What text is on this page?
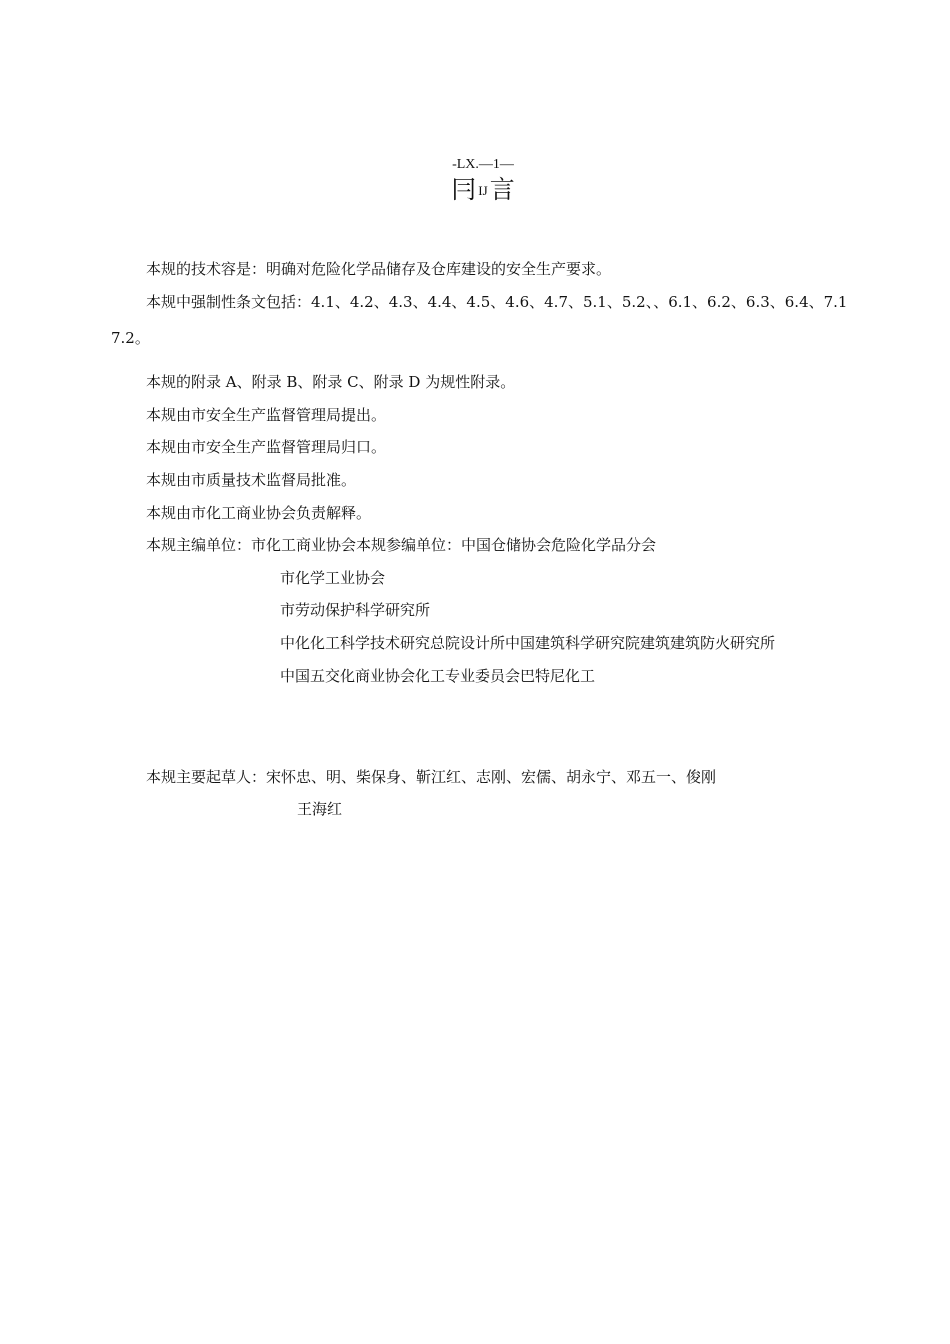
-LX.—1—
冃IJ言
本规的技术容是：明确对危险化学品储存及仓库建设的安全生产要求。
本规中强制性条文包括：4.1、4.2、4.3、4.4、4.5、4.6、4.7、5.1、5.2、、6.1、6.2、6.3、6.4、7.1
7.2。
本规的附录 A、附录 B、附录 C、附录 D 为规性附录。
本规由市安全生产监督管理局提出。
本规由市安全生产监督管理局归口。
本规由市质量技术监督局批准。
本规由市化工商业协会负责解释。
本规主编单位：市化工商业协会本规参编单位：中国仓储协会危险化学品分会
市化学工业协会
市劳动保护科学研究所
中化化工科学技术研究总院设计所中国建筑科学研究院建筑建筑防火研究所
中国五交化商业协会化工专业委员会巴特尼化工
本规主要起草人：宋怀忠、明、柴保身、靳江红、志刚、宏儒、胡永宁、邓五一、俊刚
王海红
